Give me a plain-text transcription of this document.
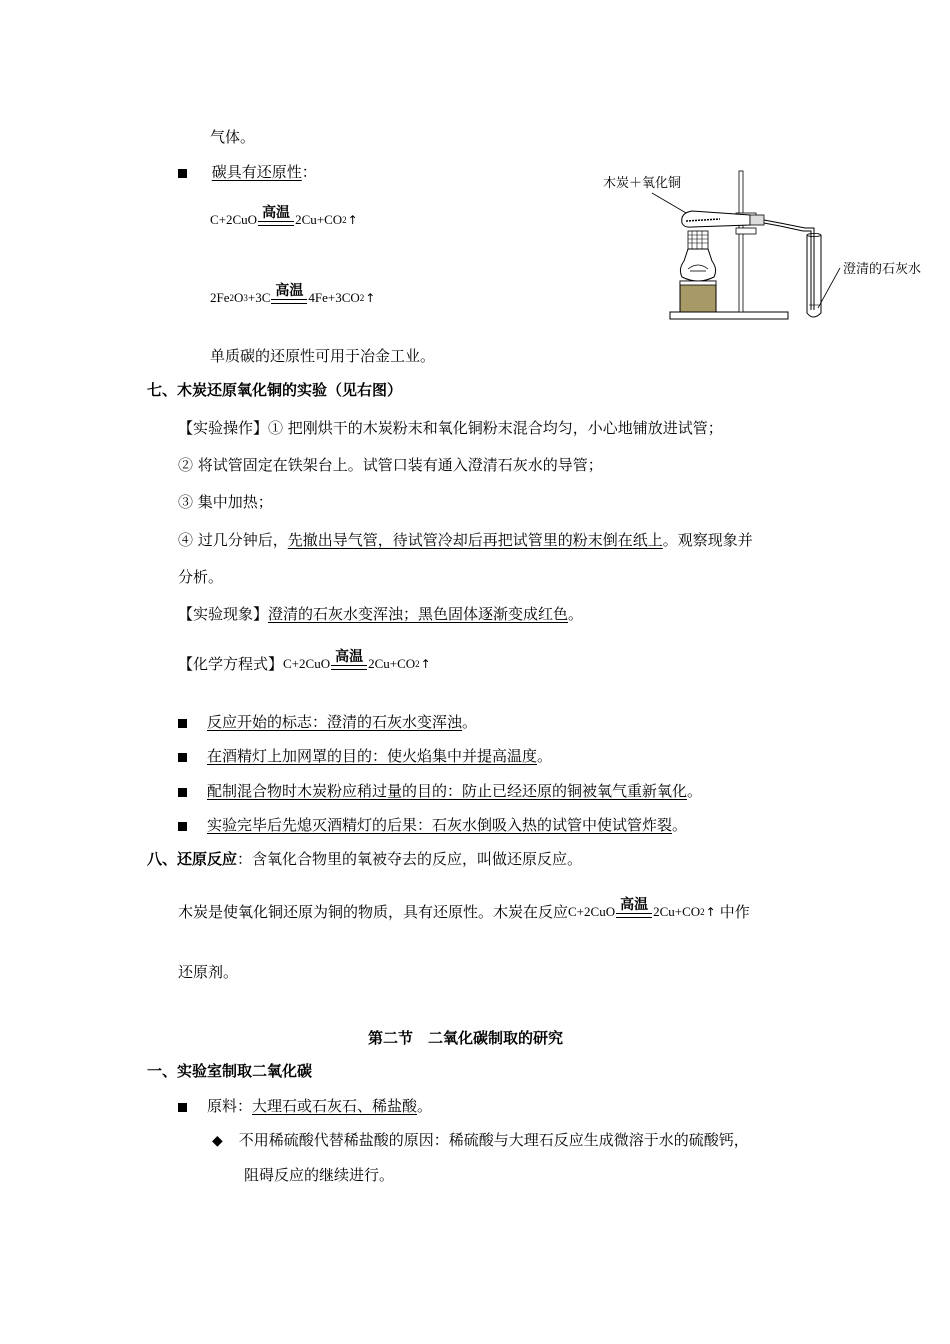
气体。
碳具有还原性：
C+2CuO 高温 2Cu+CO 2 ↑
2Fe 2 O 3 +3C 高温 4Fe+3CO 2 ↑
木炭＋氧化铜
澄清的石灰水
单质碳的还原性可用于冶金工业。
七、木炭还原氧化铜的实验（见右图）
【实验操作】① 把刚烘干的木炭粉末和氧化铜粉末混合均匀，小心地铺放进试管；
② 将试管固定在铁架台上。试管口装有通入澄清石灰水的导管；
③ 集中加热；
④ 过几分钟后，先撤出导气管，待试管冷却后再把试管里的粉末倒在纸上。观察现象并
分析。
【实验现象】澄清的石灰水变浑浊；黑色固体逐渐变成红色。
【化学方程式】 C+2CuO 高温 2Cu+CO 2 ↑
反应开始的标志：澄清的石灰水变浑浊。
在酒精灯上加网罩的目的：使火焰集中并提高温度。
配制混合物时木炭粉应稍过量的目的：防止已经还原的铜被氧气重新氧化。
实验完毕后先熄灭酒精灯的后果：石灰水倒吸入热的试管中使试管炸裂。
八、还原反应：含氧化合物里的氧被夺去的反应，叫做还原反应。
木炭是使氧化铜还原为铜的物质，具有还原性。木炭在反应 C+2CuO 高温 2Cu+CO 2 ↑ 中作
还原剂。
第二节　二氧化碳制取的研究
一、实验室制取二氧化碳
原料：大理石或石灰石、稀盐酸。
◆ 不用稀硫酸代替稀盐酸的原因：稀硫酸与大理石反应生成微溶于水的硫酸钙，
阻碍反应的继续进行。
